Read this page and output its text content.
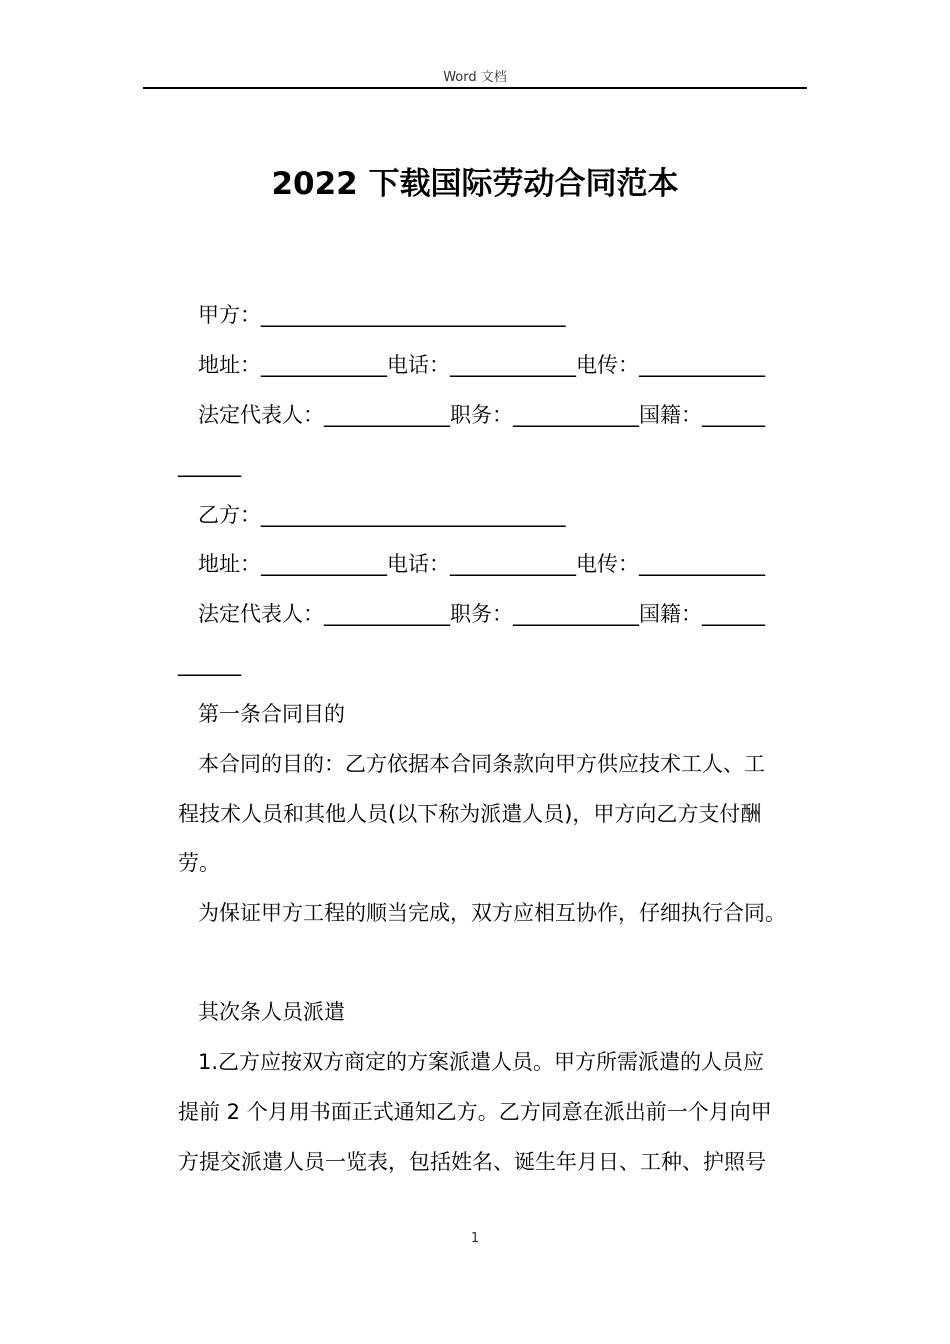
Word 文档
2022 下载国际劳动合同范本
甲方：_____________________________
地址：____________电话：____________电传：____________
法定代表人：____________职务：____________国籍：______
______
乙方：_____________________________
地址：____________电话：____________电传：____________
法定代表人：____________职务：____________国籍：______
______
第一条合同目的
本合同的目的：乙方依据本合同条款向甲方供应技术工人、工
程技术人员和其他人员(以下称为派遣人员)，甲方向乙方支付酬
劳。
为保证甲方工程的顺当完成，双方应相互协作，仔细执行合同。
其次条人员派遣
1.乙方应按双方商定的方案派遣人员。甲方所需派遣的人员应
提前 2 个月用书面正式通知乙方。乙方同意在派出前一个月向甲
方提交派遣人员一览表，包括姓名、诞生年月日、工种、护照号
1
